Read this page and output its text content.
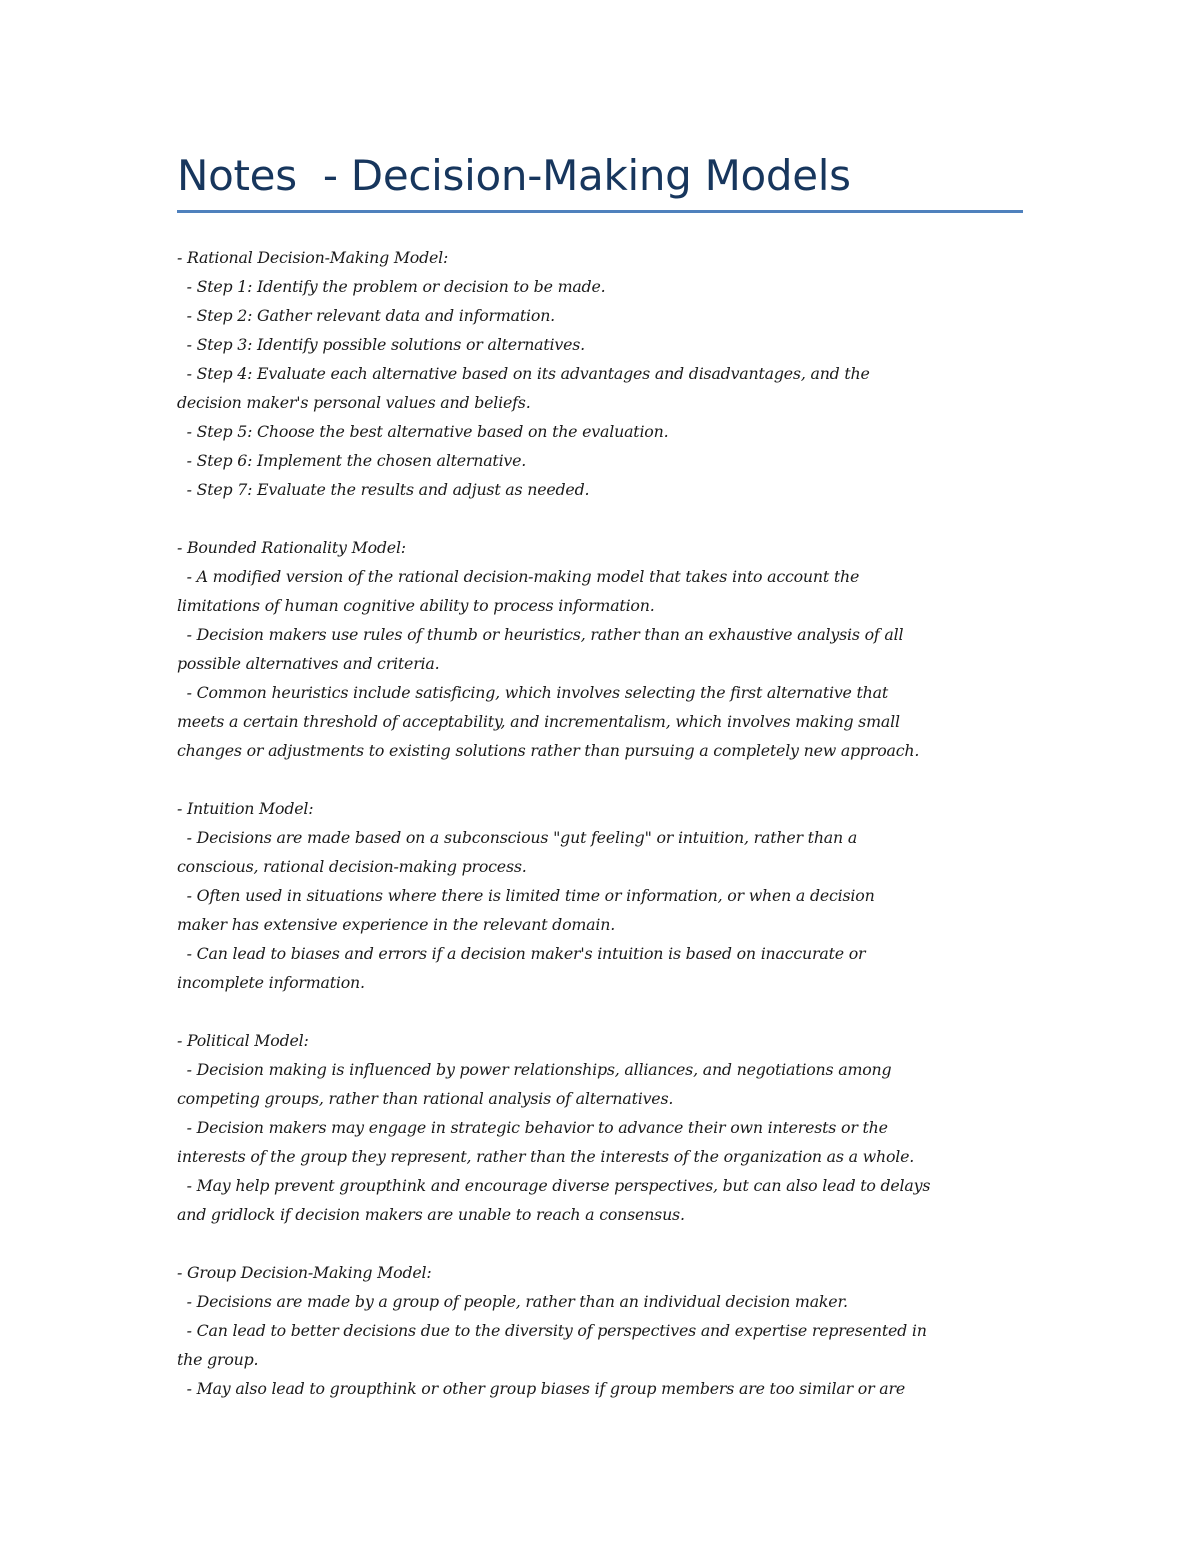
Notes  - Decision-Making Models
- Rational Decision-Making Model:
- Step 1: Identify the problem or decision to be made.
- Step 2: Gather relevant data and information.
- Step 3: Identify possible solutions or alternatives.
- Step 4: Evaluate each alternative based on its advantages and disadvantages, and the
decision maker's personal values and beliefs.
- Step 5: Choose the best alternative based on the evaluation.
- Step 6: Implement the chosen alternative.
- Step 7: Evaluate the results and adjust as needed.
- Bounded Rationality Model:
- A modified version of the rational decision-making model that takes into account the
limitations of human cognitive ability to process information.
- Decision makers use rules of thumb or heuristics, rather than an exhaustive analysis of all
possible alternatives and criteria.
- Common heuristics include satisficing, which involves selecting the first alternative that
meets a certain threshold of acceptability, and incrementalism, which involves making small
changes or adjustments to existing solutions rather than pursuing a completely new approach.
- Intuition Model:
- Decisions are made based on a subconscious "gut feeling" or intuition, rather than a
conscious, rational decision-making process.
- Often used in situations where there is limited time or information, or when a decision
maker has extensive experience in the relevant domain.
- Can lead to biases and errors if a decision maker's intuition is based on inaccurate or
incomplete information.
- Political Model:
- Decision making is influenced by power relationships, alliances, and negotiations among
competing groups, rather than rational analysis of alternatives.
- Decision makers may engage in strategic behavior to advance their own interests or the
interests of the group they represent, rather than the interests of the organization as a whole.
- May help prevent groupthink and encourage diverse perspectives, but can also lead to delays
and gridlock if decision makers are unable to reach a consensus.
- Group Decision-Making Model:
- Decisions are made by a group of people, rather than an individual decision maker.
- Can lead to better decisions due to the diversity of perspectives and expertise represented in
the group.
- May also lead to groupthink or other group biases if group members are too similar or are
